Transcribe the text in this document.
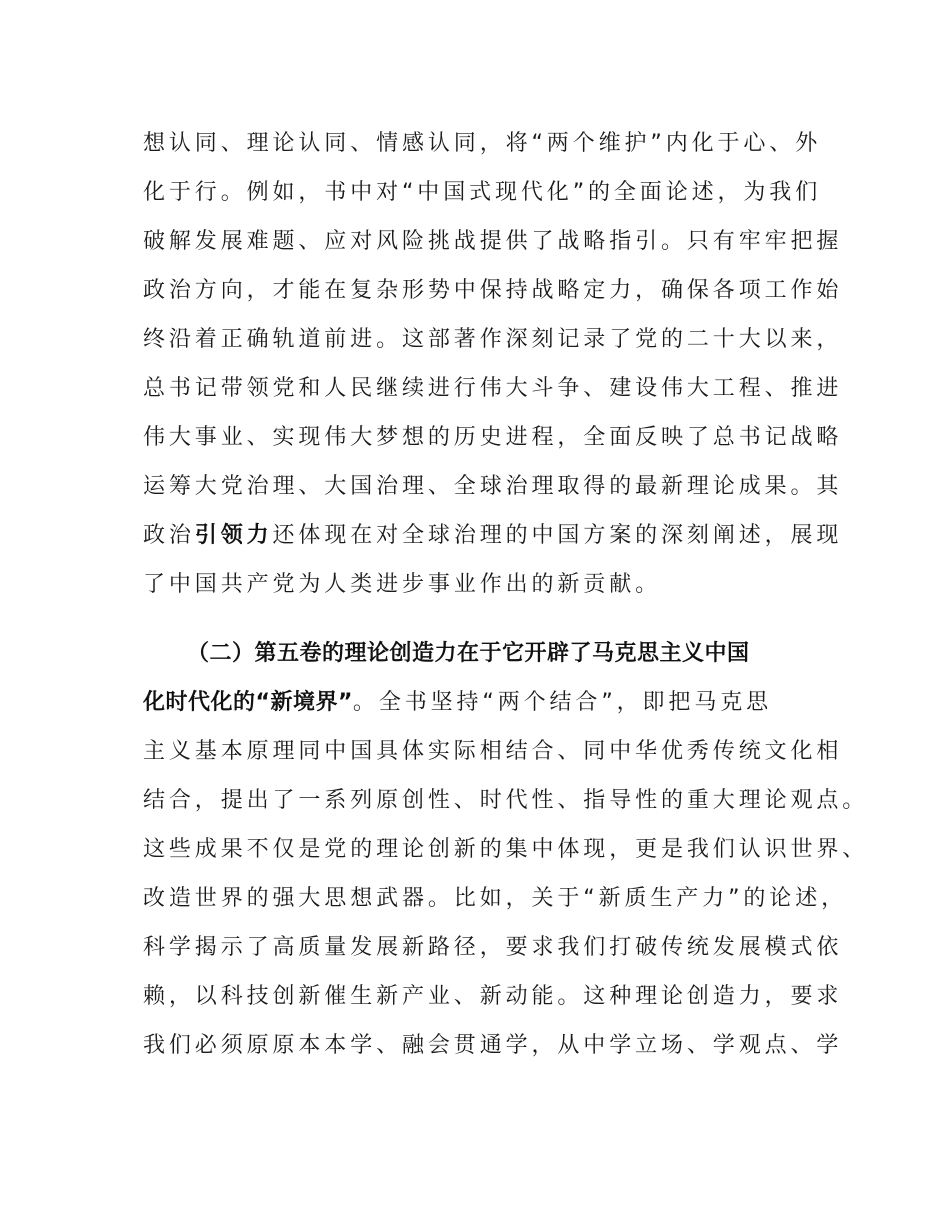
想认同、理论认同、情感认同，将“两个维护”内化于心、外
化于行。例如，书中对“中国式现代化”的全面论述，为我们
破解发展难题、应对风险挑战提供了战略指引。只有牢牢把握
政治方向，才能在复杂形势中保持战略定力，确保各项工作始
终沿着正确轨道前进。这部著作深刻记录了党的二十大以来，
总书记带领党和人民继续进行伟大斗争、建设伟大工程、推进
伟大事业、实现伟大梦想的历史进程，全面反映了总书记战略
运筹大党治理、大国治理、全球治理取得的最新理论成果。其
政治引领力还体现在对全球治理的中国方案的深刻阐述，展现
了中国共产党为人类进步事业作出的新贡献。
（二）第五卷的理论创造力在于它开辟了马克思主义中国
化时代化的“新境界”。全书坚持“两个结合”，即把马克思
主义基本原理同中国具体实际相结合、同中华优秀传统文化相
结合，提出了一系列原创性、时代性、指导性的重大理论观点。
这些成果不仅是党的理论创新的集中体现，更是我们认识世界、
改造世界的强大思想武器。比如，关于“新质生产力”的论述，
科学揭示了高质量发展新路径，要求我们打破传统发展模式依
赖，以科技创新催生新产业、新动能。这种理论创造力，要求
我们必须原原本本学、融会贯通学，从中学立场、学观点、学
